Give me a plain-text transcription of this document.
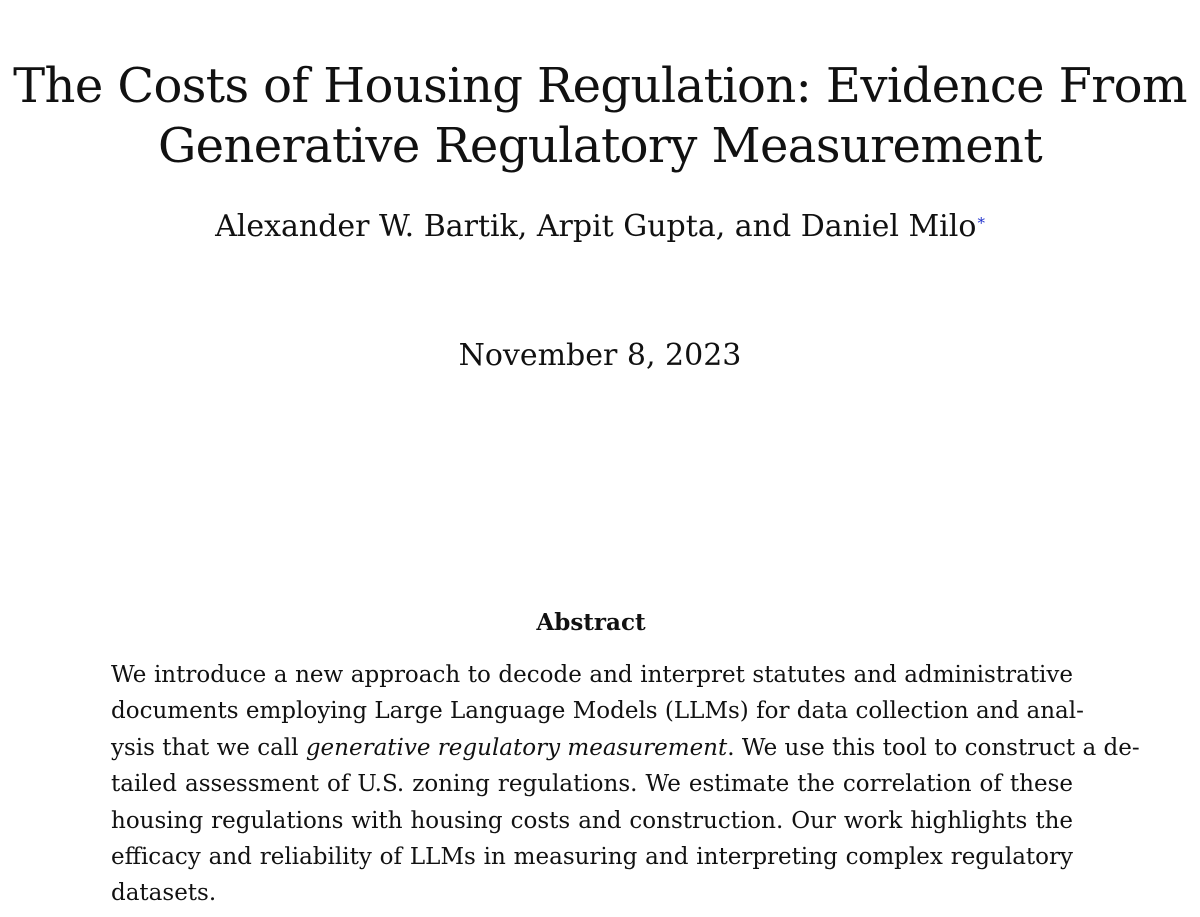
The Costs of Housing Regulation: Evidence From
Generative Regulatory Measurement
Alexander W. Bartik, Arpit Gupta, and Daniel Milo*
November 8, 2023
Abstract
We introduce a new approach to decode and interpret statutes and administrative
documents employing Large Language Models (LLMs) for data collection and anal-
ysis that we call generative regulatory measurement. We use this tool to construct a de-
tailed assessment of U.S. zoning regulations. We estimate the correlation of these
housing regulations with housing costs and construction. Our work highlights the
efficacy and reliability of LLMs in measuring and interpreting complex regulatory
datasets.
